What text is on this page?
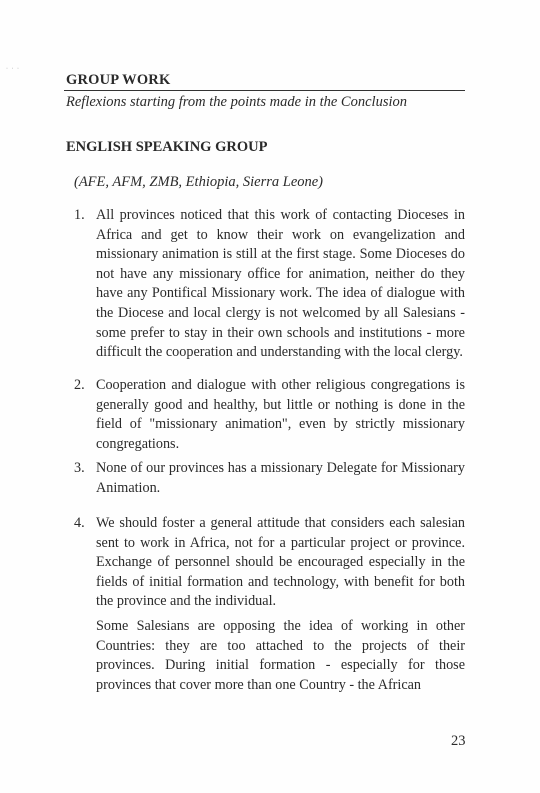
· · ·
GROUP WORK
Reflexions starting from the points made in the Conclusion
ENGLISH SPEAKING GROUP
(AFE, AFM, ZMB, Ethiopia, Sierra Leone)
1. All provinces noticed that this work of contacting Dioceses in Africa and get to know their work on evangelization and missionary animation is still at the first stage. Some Dioceses do not have any missionary office for animation, neither do they have any Pontifical Missionary work. The idea of dialogue with the Diocese and local clergy is not welcomed by all Salesians - some prefer to stay in their own schools and institutions - more difficult the cooperation and understanding with the local clergy.
2. Cooperation and dialogue with other religious congregations is generally good and healthy, but little or nothing is done in the field of "missionary animation", even by strictly missionary congregations.
3. None of our provinces has a missionary Delegate for Missionary Animation.
4. We should foster a general attitude that considers each salesian sent to work in Africa, not for a particular project or province. Exchange of personnel should be encouraged especially in the fields of initial formation and technology, with benefit for both the province and the individual.
Some Salesians are opposing the idea of working in other Countries: they are too attached to the projects of their provinces. During initial formation - especially for those provinces that cover more than one Country - the African
23
